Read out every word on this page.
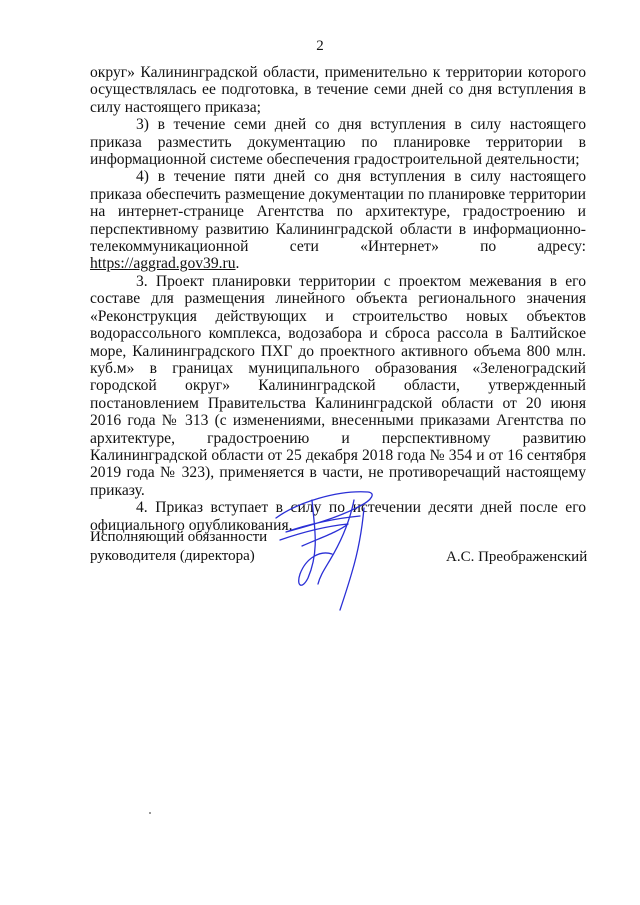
2

округ» Калининградской области, применительно к территории которого осуществлялась ее подготовка, в течение семи дней со дня вступления в силу настоящего приказа;

3) в течение семи дней со дня вступления в силу настоящего приказа разместить документацию по планировке территории в информационной системе обеспечения градостроительной деятельности;

4) в течение пяти дней со дня вступления в силу настоящего приказа обеспечить размещение документации по планировке территории на интернет-странице Агентства по архитектуре, градостроению и перспективному развитию Калининградской области в информационно-телекоммуникационной сети «Интернет» по адресу: https://aggrad.gov39.ru.

3. Проект планировки территории с проектом межевания в его составе для размещения линейного объекта регионального значения «Реконструкция действующих и строительство новых объектов водорассольного комплекса, водозабора и сброса рассола в Балтийское море, Калининградского ПХГ до проектного активного объема 800 млн. куб.м» в границах муниципального образования «Зеленоградский городской округ» Калининградской области, утвержденный постановлением Правительства Калининградской области от 20 июня 2016 года № 313 (с изменениями, внесенными приказами Агентства по архитектуре, градостроению и перспективному развитию Калининградской области от 25 декабря 2018 года № 354 и от 16 сентября 2019 года № 323), применяется в части, не противоречащий настоящему приказу.

4. Приказ вступает в силу по истечении десяти дней после его официального опубликования.

Исполняющий обязанности
руководителя (директора)	А.С. Преображенский
